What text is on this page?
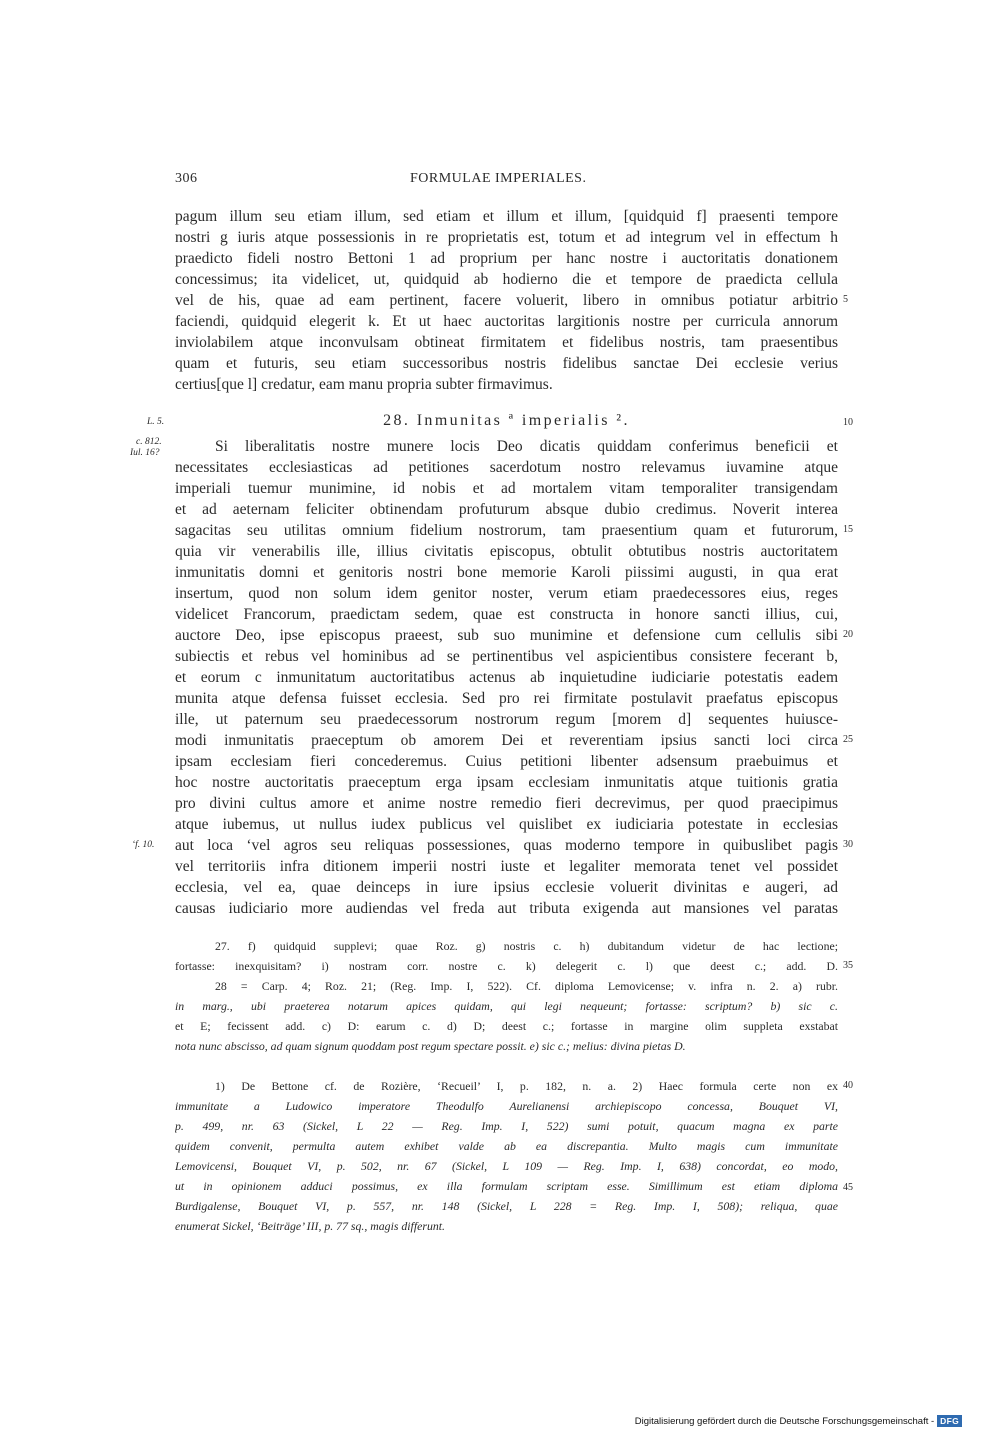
306	FORMULAE IMPERIALES.
pagum illum seu etiam illum, sed etiam et illum et illum, [quidquid f] praesenti tempore
nostri g iuris atque possessionis in re proprietatis est, totum et ad integrum vel in effectum h
praedicto fideli nostro Bettoni 1 ad proprium per hanc nostre i auctoritatis donationem
concessimus; ita videlicet, ut, quidquid ab hodierno die et tempore de praedicta cellula
vel de his, quae ad eam pertinent, facere voluerit, libero in omnibus potiatur arbitrio
faciendi, quidquid elegerit k. Et ut haec auctoritas largitionis nostre per curricula annorum
inviolabilem atque inconvulsam obtineat firmitatem et fidelibus nostris, tam praesentibus
quam et futuris, seu etiam successoribus nostris fidelibus sanctae Dei ecclesie verius
certius[que l] credatur, eam manu propria subter firmavimus.
5
L. 5.	28. Inmunitas ª imperialis ².	10
c. 812.
Iul. 16?	Si liberalitatis nostre munere locis Deo dicatis quiddam conferimus beneficii et
necessitates ecclesiasticas ad petitiones sacerdotum nostro relevamus iuvamine atque
imperiali tuemur munimine, id nobis et ad mortalem vitam temporaliter transigendam
et ad aeternam feliciter obtinendam profuturum absque dubio credimus. Noverit interea
sagacitas seu utilitas omnium fidelium nostrorum, tam praesentium quam et futurorum,
quia vir venerabilis ille, illius civitatis episcopus, obtulit obtutibus nostris auctoritatem
inmunitatis domni et genitoris nostri bone memorie Karoli piissimi augusti, in qua erat
insertum, quod non solum idem genitor noster, verum etiam praedecessores eius, reges
videlicet Francorum, praedictam sedem, quae est constructa in honore sancti illius, cui,
auctore Deo, ipse episcopus praeest, sub suo munimine et defensione cum cellulis sibi
subiectis et rebus vel hominibus ad se pertinentibus vel aspicientibus consistere fecerant b,
et eorum c inmunitatum auctoritatibus actenus ab inquietudine iudiciarie potestatis eadem
munita atque defensa fuisset ecclesia. Sed pro rei firmitate postulavit praefatus episcopus
ille, ut paternum seu praedecessorum nostrorum regum [morem d] sequentes huiusce-
modi inmunitatis praeceptum ob amorem Dei et reverentiam ipsius sancti loci circa
ipsam ecclesiam fieri concederemus. Cuius petitioni libenter adsensum praebuimus et
hoc nostre auctoritatis praeceptum erga ipsam ecclesiam inmunitatis atque tuitionis gratia
pro divini cultus amore et anime nostre remedio fieri decrevimus, per quod praecipimus
atque iubemus, ut nullus iudex publicus vel quislibet ex iudiciaria potestate in ecclesias
aut loca ‘vel agros seu reliquas possessiones, quas moderno tempore in quibuslibet pagis
vel territoriis infra ditionem imperii nostri iuste et legaliter memorata tenet vel possidet
ecclesia, vel ea, quae deinceps in iure ipsius ecclesie voluerit divinitas e augeri, ad
causas iudiciario more audiendas vel freda aut tributa exigenda aut mansiones vel paratas
15
20
25
‘f. 10.	30
27. f) quidquid supplevi; quae Roz. g) nostris c. h) dubitandum videtur de hac lectione;
fortasse: inexquisitam? i) nostram corr. nostre c. k) delegerit c. l) que deest c.; add. D. 35
28 = Carp. 4; Roz. 21; (Reg. Imp. I, 522). Cf. diploma Lemovicense; v. infra n. 2. a) rubr.
in marg., ubi praeterea notarum apices quidam, qui legi nequeunt; fortasse: scriptum? b) sic c.
et E; fecissent add. c) D: earum c. d) D; deest c.; fortasse in margine olim suppleta exstabat
nota nunc abscisso, ad quam signum quoddam post regum spectare possit. e) sic c.; melius: divina pietas D.
1) De Bettone cf. de Rozière, ‘Recueil’ I, p. 182, n. a. 2) Haec formula certe non ex 40
immunitate a Ludowico imperatore Theodulfo Aurelianensi archiepiscopo concessa, Bouquet VI,
p. 499, nr. 63 (Sickel, L 22 — Reg. Imp. I, 522) sumi potuit, quacum magna ex parte
quidem convenit, permulta autem exhibet valde ab ea discrepantia. Multo magis cum immunitate
Lemovicensi, Bouquet VI, p. 502, nr. 67 (Sickel, L 109 — Reg. Imp. I, 638) concordat, eo modo,
ut in opinionem adduci possimus, ex illa formulam scriptam esse. Simillimum est etiam diploma 45
Burdigalense, Bouquet VI, p. 557, nr. 148 (Sickel, L 228 = Reg. Imp. I, 508); reliqua, quae
enumerat Sickel, ‘Beiträge’ III, p. 77 sq., magis differunt.
Digitalisierung gefördert durch die Deutsche Forschungsgemeinschaft - DFG
